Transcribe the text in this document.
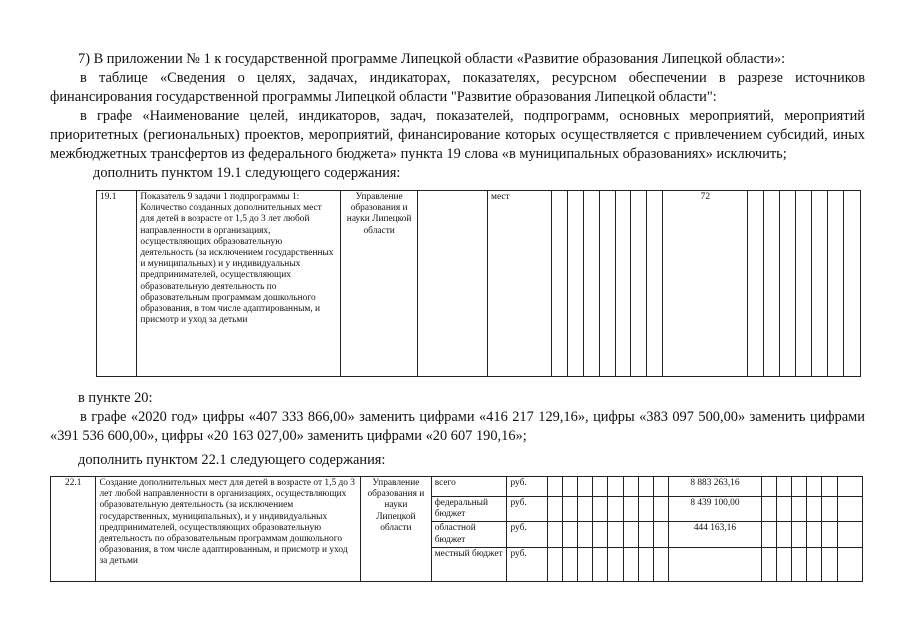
7) В приложении № 1 к государственной программе Липецкой области «Развитие образования Липецкой области»:
в таблице «Сведения о целях, задачах, индикаторах, показателях, ресурсном обеспечении в разрезе источников финансирования государственной программы Липецкой области "Развитие образования Липецкой области":
в графе «Наименование целей, индикаторов, задач, показателей, подпрограмм, основных мероприятий, мероприятий приоритетных (региональных) проектов, мероприятий, финансирование которых осуществляется с привлечением субсидий, иных межбюджетных трансфертов из федерального бюджета» пункта 19 слова «в муниципальных образованиях» исключить;
дополнить пунктом 19.1 следующего содержания:
19.1	Показатель 9 задачи 1 подпрограммы 1: Количество созданных дополнительных мест для детей в возрасте от 1,5 до 3 лет любой направленности в организациях, осуществляющих образовательную деятельность (за исключением государственных и муниципальных) и у индивидуальных предпринимателей, осуществляющих образовательную деятельность по образовательным программам дошкольного образования, в том числе адаптированным, и присмотр и уход за детьми	Управление образования и науки Липецкой области		мест								72							
в пункте 20:
в графе «2020 год» цифры «407 333 866,00» заменить цифрами «416 217 129,16», цифры «383 097 500,00» заменить цифрами «391 536 600,00», цифры «20 163 027,00» заменить цифрами «20 607 190,16»;
дополнить пунктом 22.1 следующего содержания:
22.1	Создание дополнительных мест для детей в возрасте от 1,5 до 3 лет любой направленности в организациях, осуществляющих образовательную деятельность (за исключением государственных, муниципальных), и у индивидуальных предпринимателей, осуществляющих образовательную деятельность по образовательным программам дошкольного образования, в том числе адаптированным, и присмотр и уход за детьми	Управление образования и науки Липецкой области	всего	руб.									8 883 263,16						
			федеральный бюджет	руб.									8 439 100,00						
			областной бюджет	руб.									444 163,16						
			местный бюджет	руб.															
